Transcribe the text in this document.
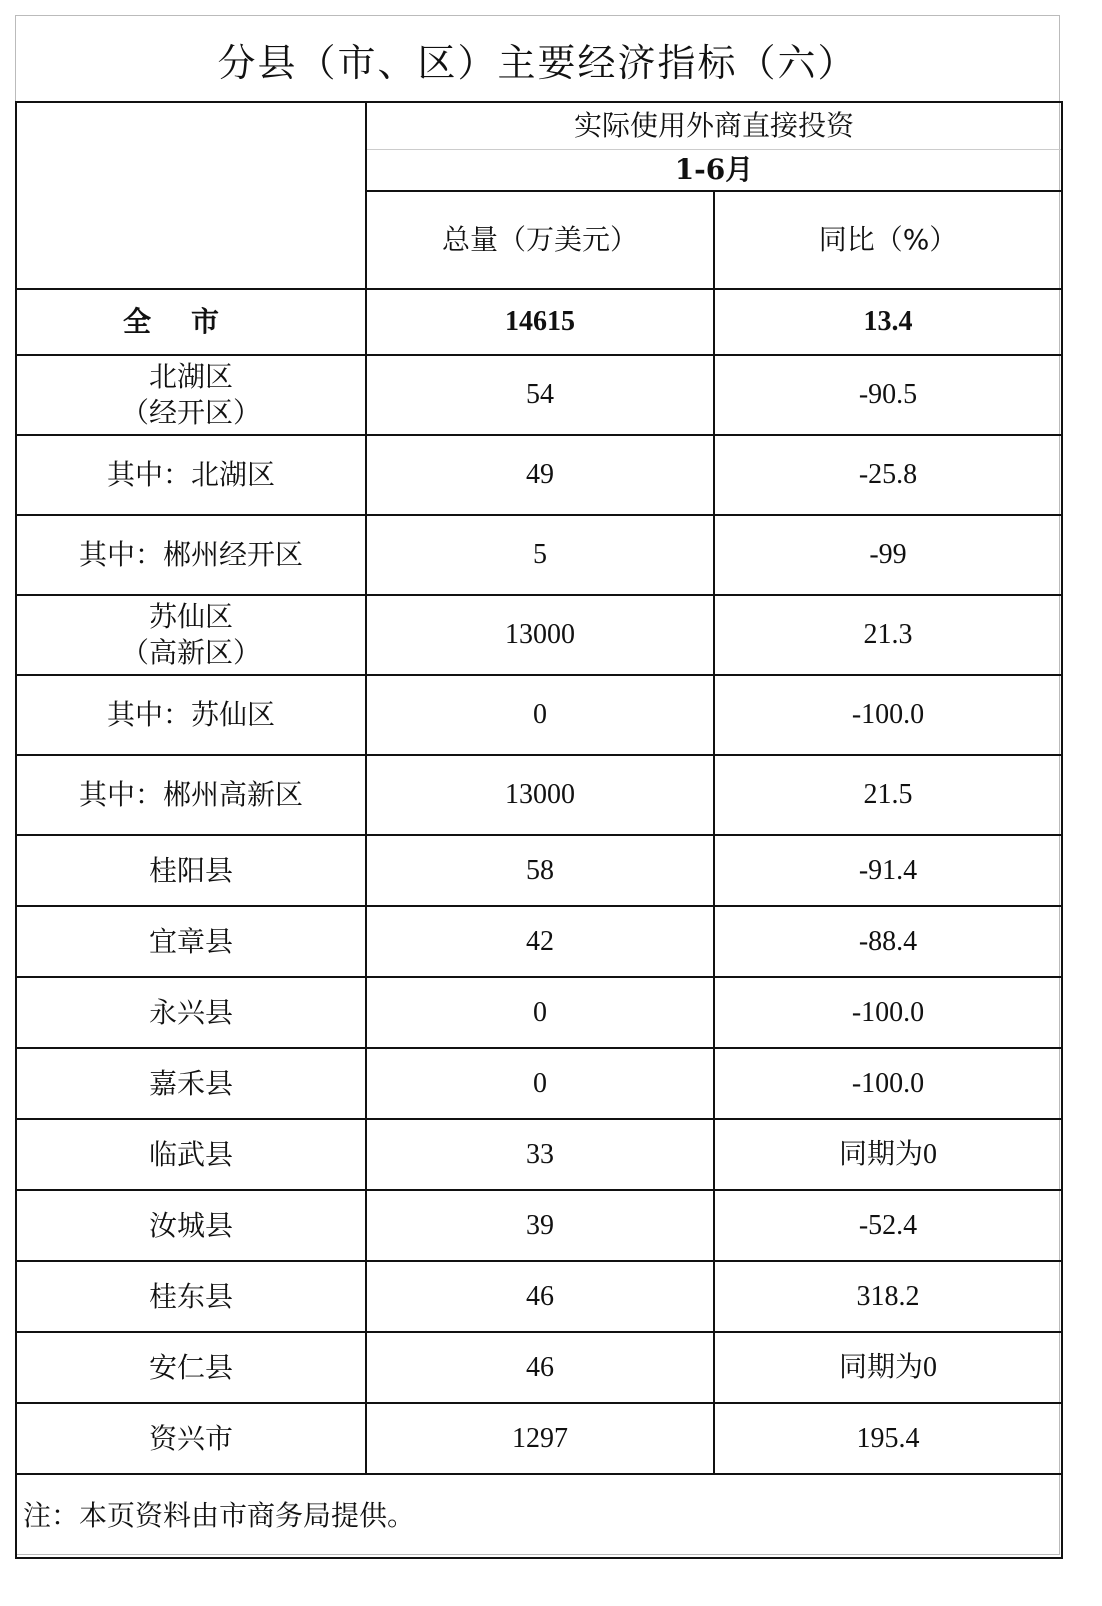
分县（市、区）主要经济指标（六）
	实际使用外商直接投资	
	1-6月	
	总量（万美元）	同比（%）
全市	14615	13.4

北湖区
（经开区）	54	-90.5

其中：北湖区	49	-25.8

其中：郴州经开区	5	-99

苏仙区
（高新区）	13000	21.3

其中：苏仙区	0	-100.0

其中：郴州高新区	13000	21.5

桂阳县	58	-91.4

宜章县	42	-88.4

永兴县	0	-100.0

嘉禾县	0	-100.0

临武县	33	同期为0

汝城县	39	-52.4

桂东县	46	318.2

安仁县	46	同期为0

资兴市	1297	195.4
注：本页资料由市商务局提供。		
